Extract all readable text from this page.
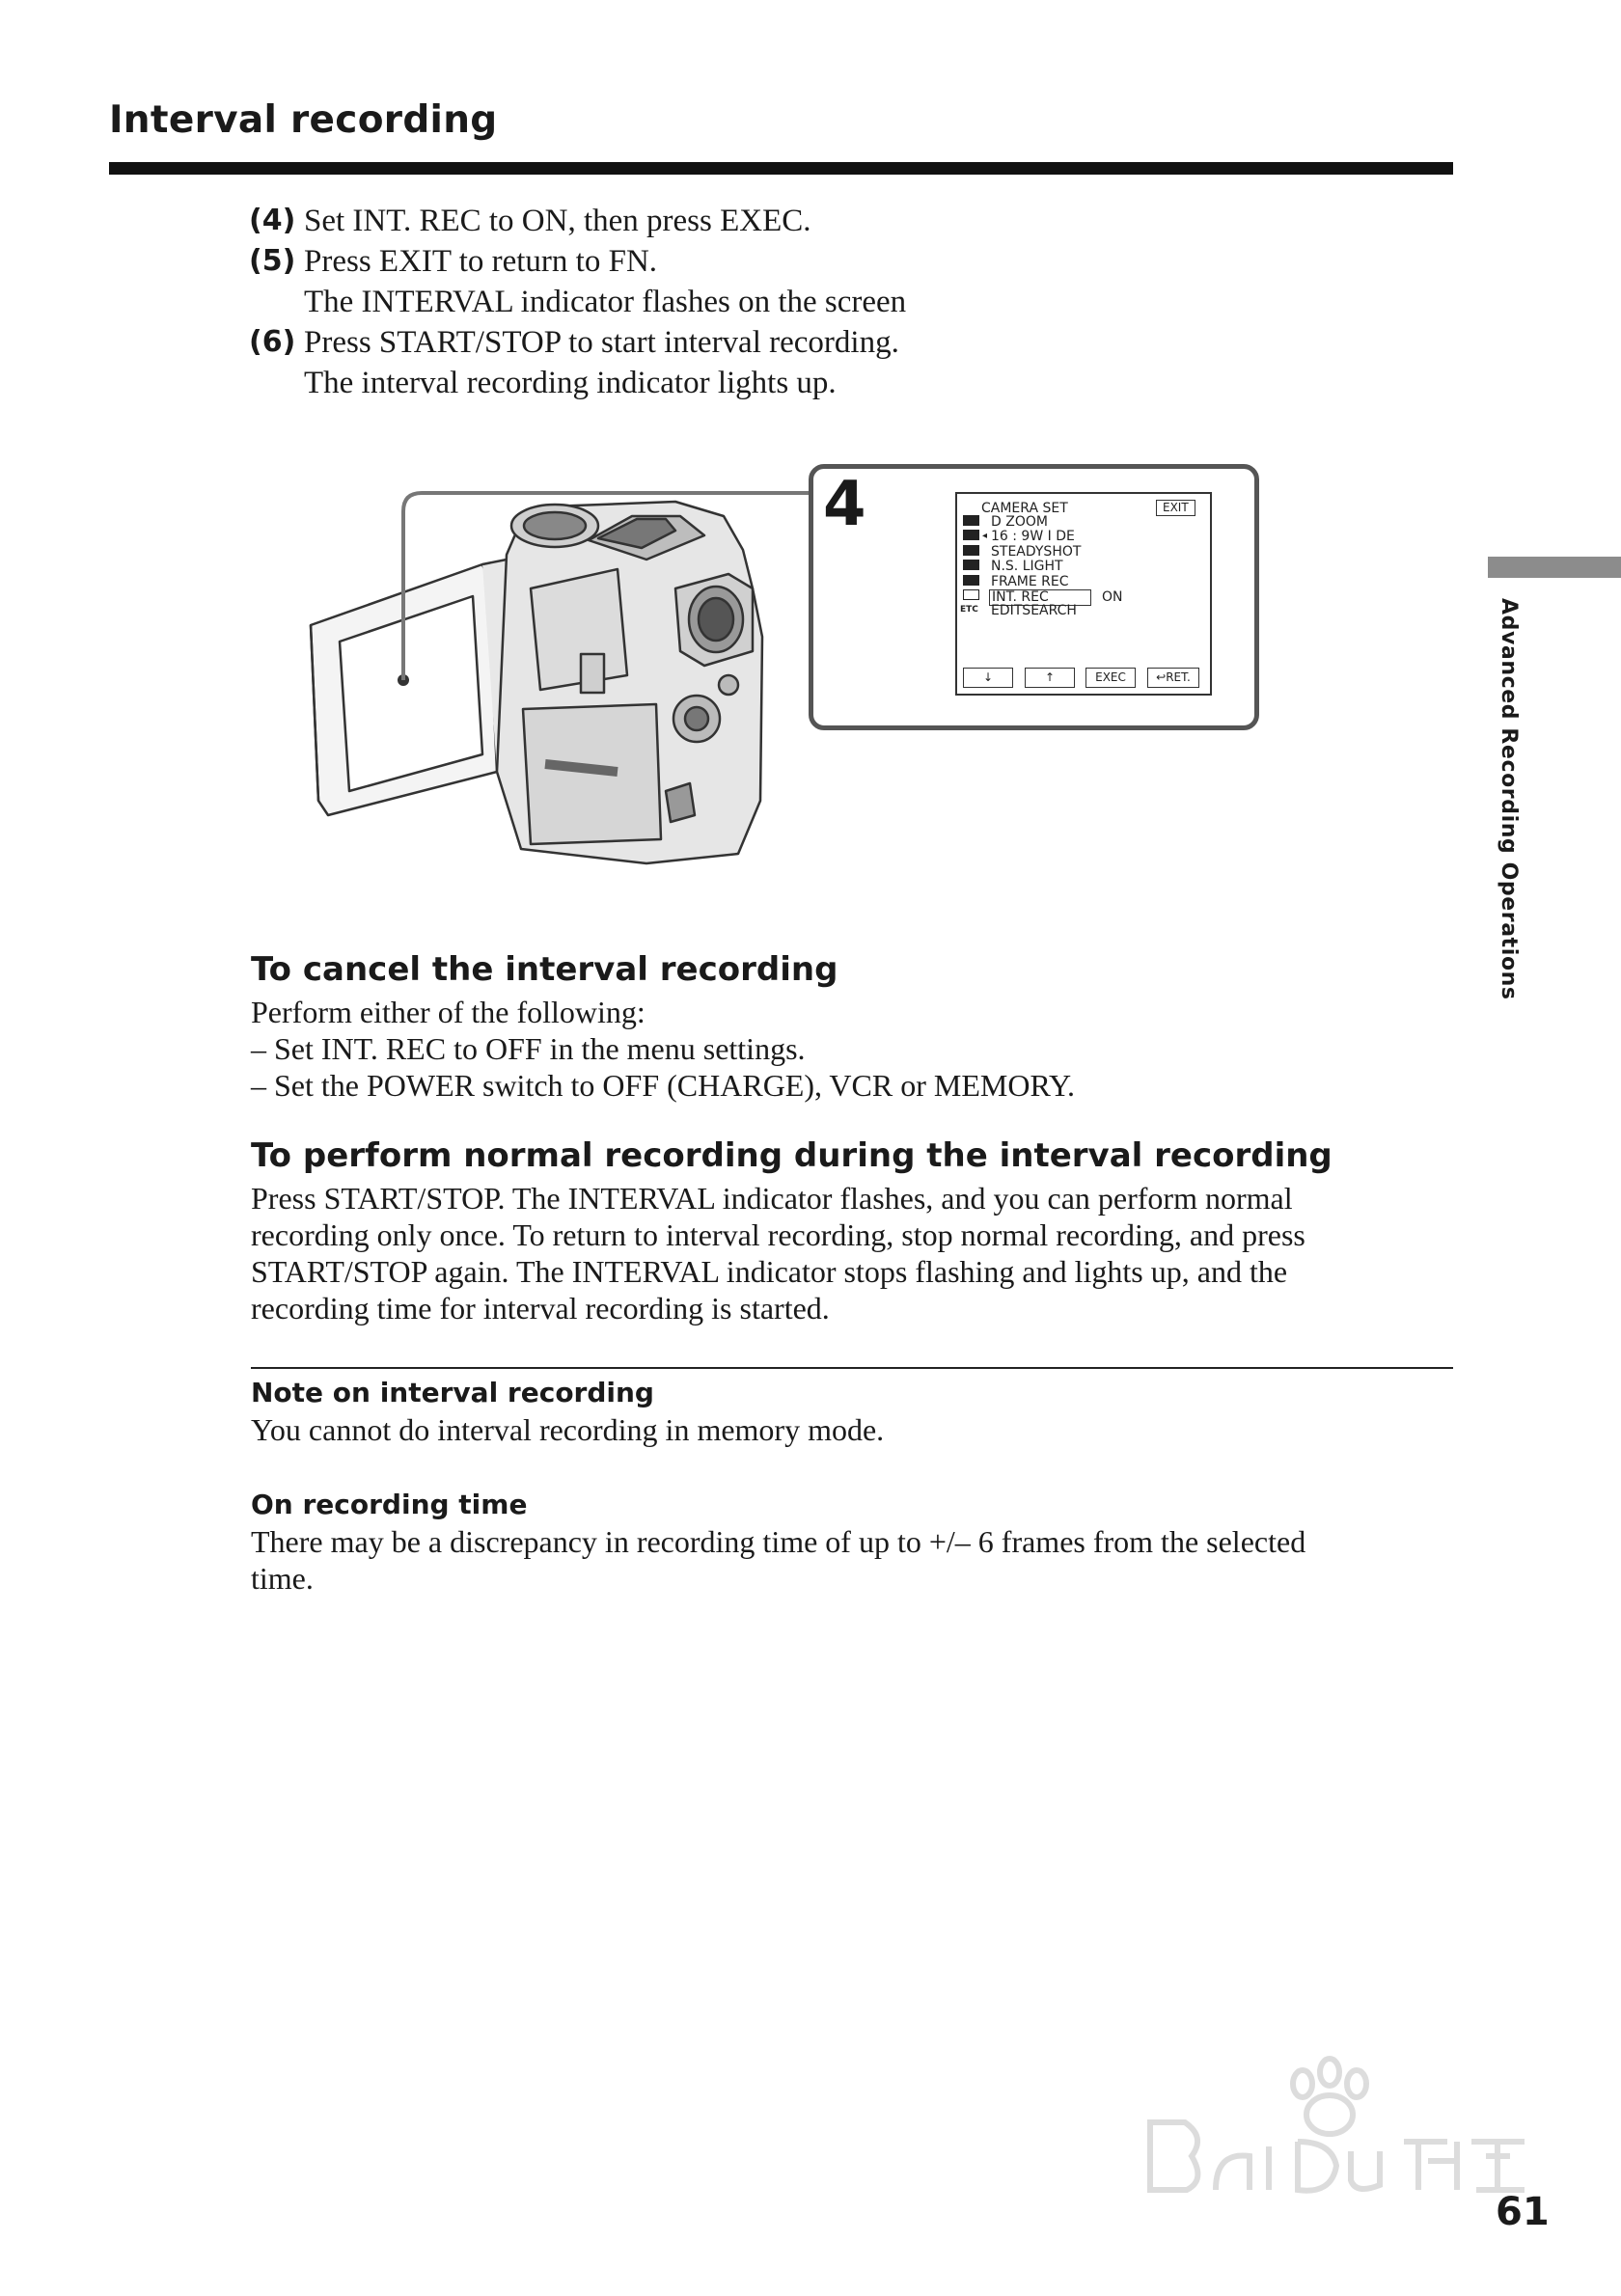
Interval recording
Advanced Recording Operations
(4) Set INT. REC to ON, then press EXEC.
(5) Press EXIT to return to FN.
The INTERVAL indicator flashes on the screen
(6) Press START/STOP to start interval recording.
The interval recording indicator lights up.
4	CAMERA SET	EXIT
ETC
◂
D ZOOM
16 : 9W I DE
STEADYSHOT
N.S. LIGHT
FRAME REC
INT. REC	ON
EDITSEARCH
↓	↑	EXEC	↩RET.
To cancel the interval recording
Perform either of the following:
– Set INT. REC to OFF in the menu settings.
– Set the POWER switch to OFF (CHARGE), VCR or MEMORY.
To perform normal recording during the interval recording
Press START/STOP. The INTERVAL indicator flashes, and you can perform normal
recording only once. To return to interval recording, stop normal recording, and press
START/STOP again. The INTERVAL indicator stops flashing and lights up, and the
recording time for interval recording is started.
Note on interval recording
You cannot do interval recording in memory mode.
On recording time
There may be a discrepancy in recording time of up to +/– 6 frames from the selected
time.
61
